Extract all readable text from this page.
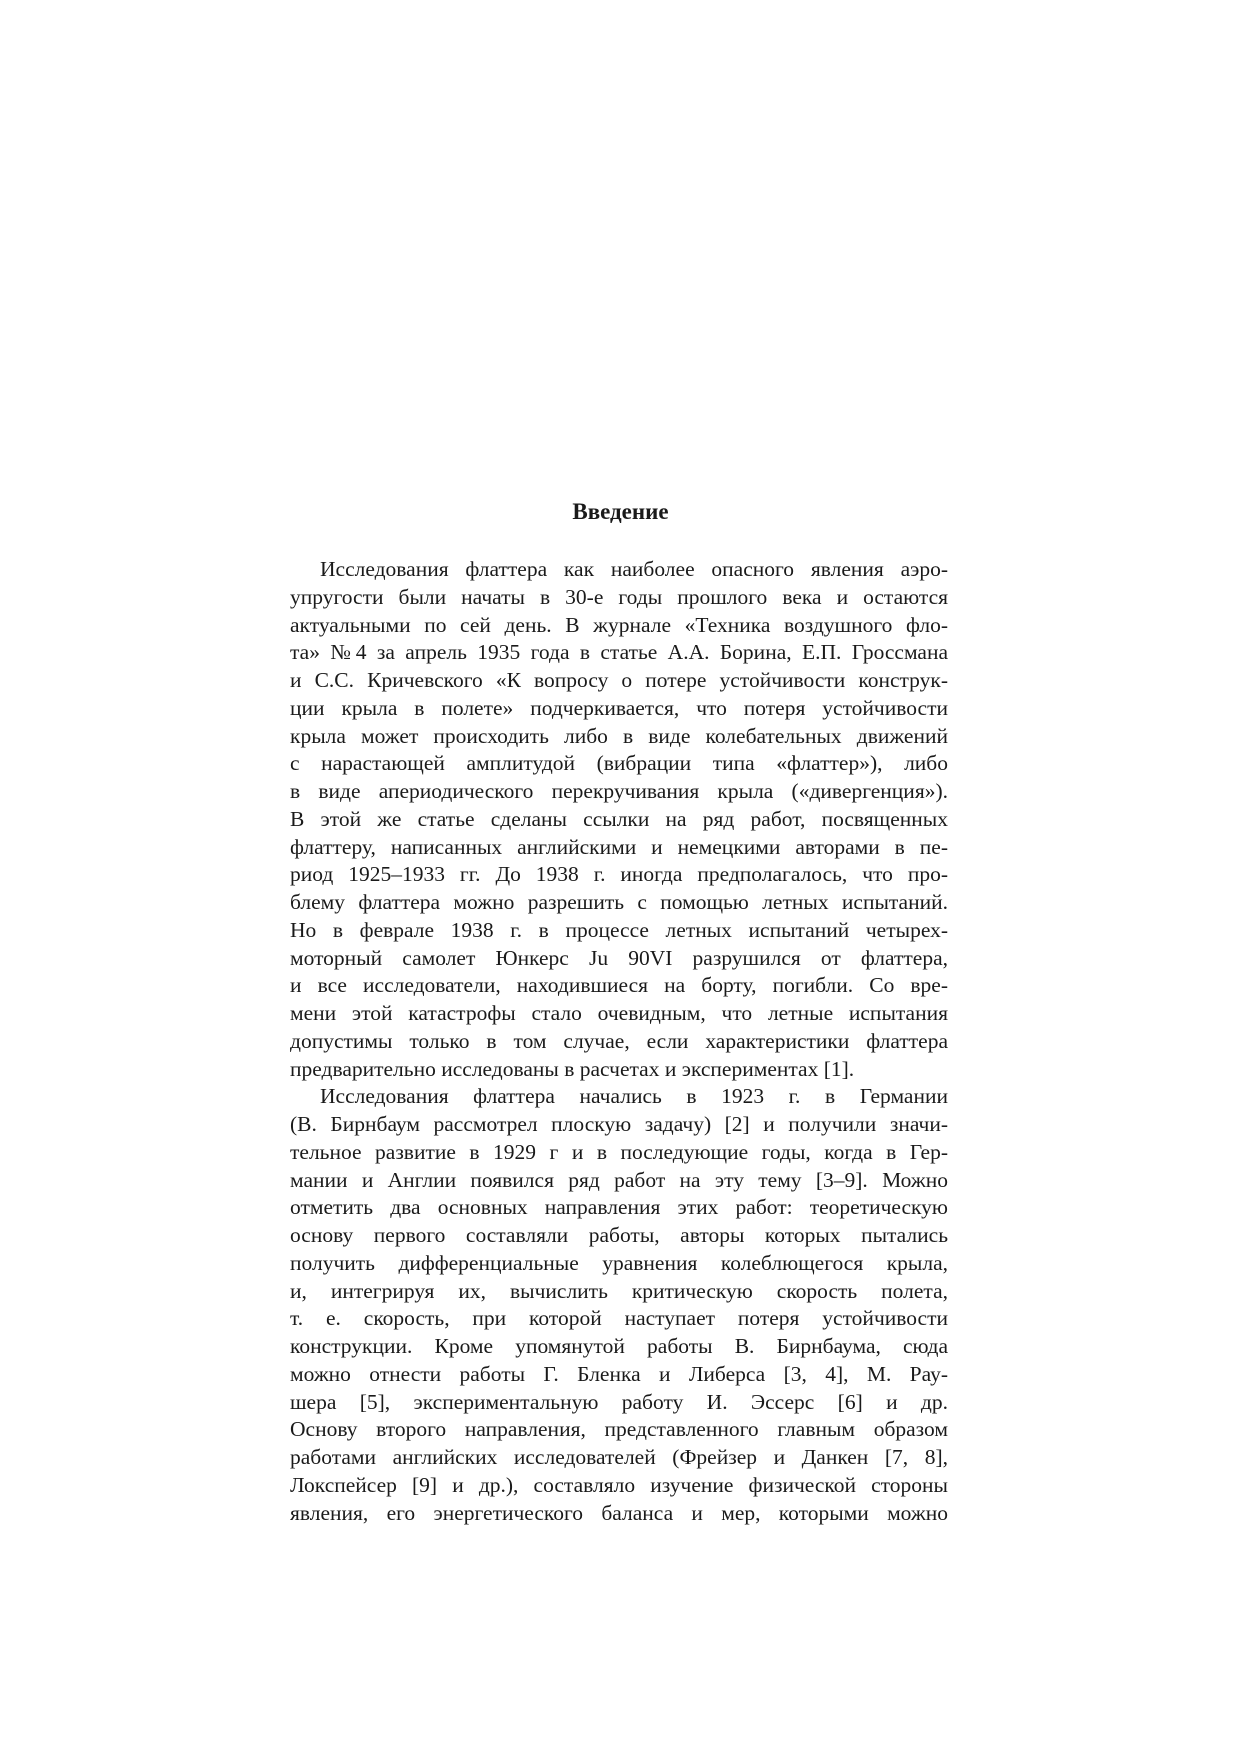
Введение

Исследования флаттера как наиболее опасного явления аэро-
упругости были начаты в 30-е годы прошлого века и остаются
актуальными по сей день. В журнале «Техника воздушного фло-
та» №4 за апрель 1935 года в статье А.А. Борина, Е.П. Гроссмана
и С.С. Кричевского «К вопросу о потере устойчивости конструк-
ции крыла в полете» подчеркивается, что потеря устойчивости
крыла может происходить либо в виде колебательных движений
с нарастающей амплитудой (вибрации типа «флаттер»), либо
в виде апериодического перекручивания крыла («дивергенция»).
В этой же статье сделаны ссылки на ряд работ, посвященных
флаттеру, написанных английскими и немецкими авторами в пе-
риод 1925–1933 гг. До 1938 г. иногда предполагалось, что про-
блему флаттера можно разрешить с помощью летных испытаний.
Но в феврале 1938 г. в процессе летных испытаний четырех-
моторный самолет Юнкерс Ju 90VI разрушился от флаттера,
и все исследователи, находившиеся на борту, погибли. Со вре-
мени этой катастрофы стало очевидным, что летные испытания
допустимы только в том случае, если характеристики флаттера
предварительно исследованы в расчетах и экспериментах [1].

Исследования флаттера начались в 1923 г. в Германии
(В. Бирнбаум рассмотрел плоскую задачу) [2] и получили значи-
тельное развитие в 1929 г и в последующие годы, когда в Гер-
мании и Англии появился ряд работ на эту тему [3–9]. Можно
отметить два основных направления этих работ: теоретическую
основу первого составляли работы, авторы которых пытались
получить дифференциальные уравнения колеблющегося крыла,
и, интегрируя их, вычислить критическую скорость полета,
т. е. скорость, при которой наступает потеря устойчивости
конструкции. Кроме упомянутой работы В. Бирнбаума, сюда
можно отнести работы Г. Бленка и Либерса [3, 4], М. Рау-
шера [5], экспериментальную работу И. Эссерс [6] и др.
Основу второго направления, представленного главным образом
работами английских исследователей (Фрейзер и Данкен [7, 8],
Локспейсер [9] и др.), составляло изучение физической стороны
явления, его энергетического баланса и мер, которыми можно
